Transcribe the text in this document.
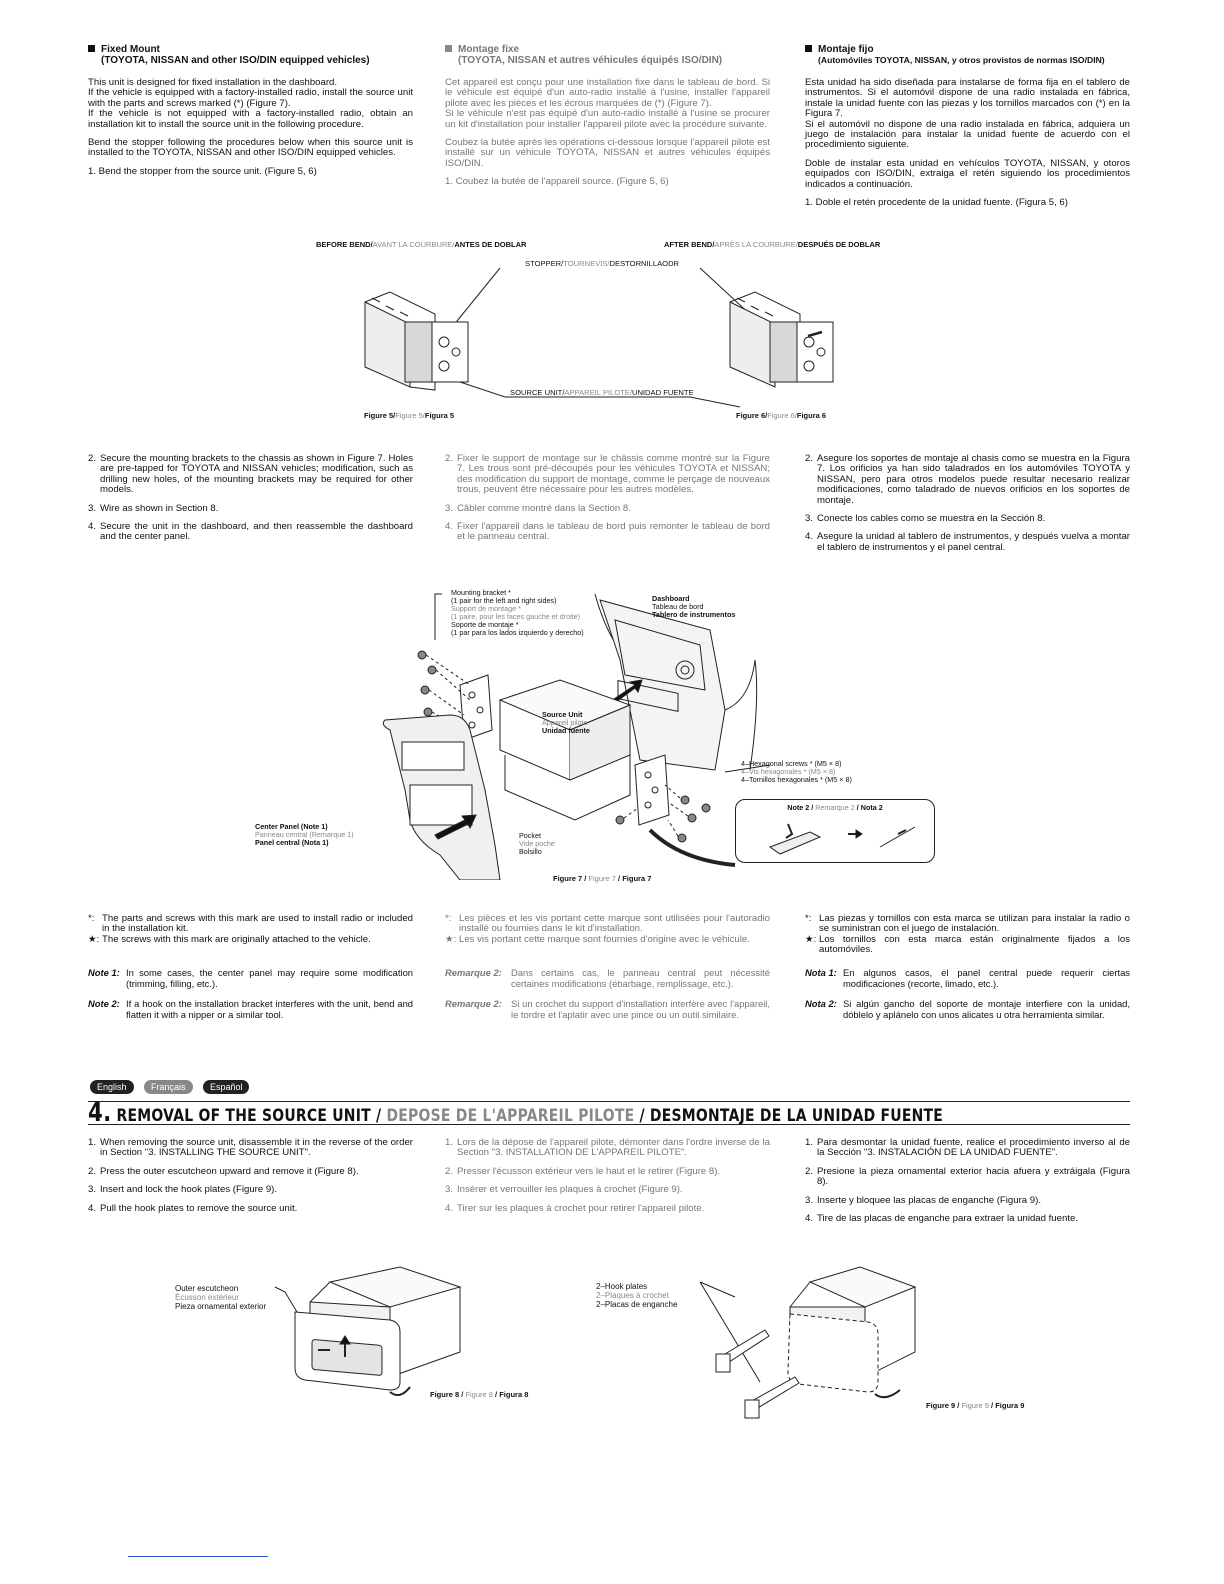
Fixed Mount
(TOYOTA, NISSAN and other ISO/DIN equipped vehicles)

This unit is designed for fixed installation in the dashboard.
If the vehicle is equipped with a factory-installed radio, install the source unit with the parts and screws marked (*) (Figure 7).
If the vehicle is not equipped with a factory-installed radio, obtain an installation kit to install the source unit in the following procedure.

Bend the stopper following the procedures below when this source unit is installed to the TOYOTA, NISSAN and other ISO/DIN equipped vehicles.

1. Bend the stopper from the source unit. (Figure 5, 6)

Montage fixe
(TOYOTA, NISSAN et autres véhicules équipés ISO/DIN)

Cet appareil est conçu pour une installation fixe dans le tableau de bord. Si le véhicule est équipé d'un auto-radio installé à l'usine, installer l'appareil pilote avec les pièces et les écrous marquées de (*) (Figure 7).
Si le véhicule n'est pas équipé d'un auto-radio installé à l'usine se procurer un kit d'installation pour installer l'appareil pilote avec la procédure suivante.

Coubez la butée après les opérations ci-dessous lorsque l'appareil pilote est installé sur un véhicule TOYOTA, NISSAN et autres véhicules équipés ISO/DIN.

1. Coubez la butée de l'appareil source. (Figure 5, 6)

Montaje fijo
(Automóviles TOYOTA, NISSAN, y otros provistos de normas ISO/DIN)

Esta unidad ha sido diseñada para instalarse de forma fija en el tablero de instrumentos. Si el automóvil dispone de una radio instalada en fábrica, instale la unidad fuente con las piezas y los tornillos marcados con (*) en la Figura 7.
Si el automóvil no dispone de una radio instalada en fábrica, adquiera un juego de instalación para instalar la unidad fuente de acuerdo con el procedimiento siguiente.

Doble de instalar esta unidad en vehículos TOYOTA, NISSAN, y otoros equipados con ISO/DIN, extraiga el retén siguiendo los procedimientos indicados a continuación.

1. Doble el retén procedente de la unidad fuente. (Figura 5, 6)

BEFORE BEND/AVANT LA COURBURE/ANTES DE DOBLAR	AFTER BEND/APRÈS LA COURBURE/DESPUÉS DE DOBLAR
STOPPER/TOURNEVIS/DESTORNILLAODR
SOURCE UNIT/APPAREIL PILOTE/UNIDAD FUENTE
Figure 5/Figure 5/Figura 5	Figure 6/Figure 6/Figura 6
2. Secure the mounting brackets to the chassis as shown in Figure 7. Holes are pre-tapped for TOYOTA and NISSAN vehicles; modification, such as drilling new holes, of the mounting brackets may be required for other models.
3. Wire as shown in Section 8.
4. Secure the unit in the dashboard, and then reassemble the dashboard and the center panel.
2. Fixer le support de montage sur le châssis comme montré sur la Figure 7. Les trous sont pré-découpés pour les véhicules TOYOTA et NISSAN; des modification du support de montage, comme le perçage de nouveaux trous, peuvent être nécessaire pour les autres modèles.
3. Câbler comme montré dans la Section 8.
4. Fixer l'appareil dans le tableau de bord puis remonter le tableau de bord et le panneau central.
2. Asegure los soportes de montaje al chasis como se muestra en la Figura 7. Los orificios ya han sido taladrados en los automóviles TOYOTA y NISSAN, pero para otros modelos puede resultar necesario realizar modificaciones, como taladrado de nuevos orificios en los soportes de montaje.
3. Conecte los cables como se muestra en la Sección 8.
4. Asegure la unidad al tablero de instrumentos, y después vuelva a montar el tablero de instrumentos y el panel central.
Mounting bracket *
(1 pair for the left and right sides)
Support de montage *
(1 paire, pour les faces gauche et droite)
Soporte de montaje *
(1 par para los lados izquierdo y derecho)
Dashboard
Tableau de bord
Tablero de instrumentos
Source Unit
Appareil pilote
Unidad fuente
4–Hexagonal screws * (M5 × 8)
4–Vis hexagonales * (M5 × 8)
4–Tornillos hexagonales * (M5 × 8)
Note 2 / Remarque 2 / Nota 2
Center Panel (Note 1)
Panneau central (Remarque 1)
Panel central (Nota 1)
Pocket
Vide poche
Bolsillo
Figure 7 / Figure 7 / Figura 7
*: The parts and screws with this mark are used to install radio or included in the installation kit.
★: The screws with this mark are originally attached to the vehicle.
*: Les pièces et les vis portant cette marque sont utilisées pour l'autoradio installé ou fournies dans le kit d'installation.
★: Les vis portant cette marque sont fournies d'origine avec le véhicule.
*: Las piezas y tornillos con esta marca se utilizan para instalar la radio o se suministran con el juego de instalación.
★: Los tornillos con esta marca están originalmente fijados a los automóviles.
Note 1: In some cases, the center panel may require some modification (trimming, filling, etc.).
Note 2: If a hook on the installation bracket interferes with the unit, bend and flatten it with a nipper or a similar tool.
Remarque 2: Dans certains cas, le panneau central peut nécessité certaines modifications (ébarbage, remplissage, etc.).
Remarque 2: Si un crochet du support d'installation interfère avec l'appareil, le tordre et l'aplatir avec une pince ou un outil similaire.
Nota 1: En algunos casos, el panel central puede requerir ciertas modificaciones (recorte, limado, etc.).
Nota 2: Si algún gancho del soporte de montaje interfiere con la unidad, dóblelo y aplánelo con unos alicates u otra herramienta similar.
English	Français	Español
4. REMOVAL OF THE SOURCE UNIT / DEPOSE DE L'APPAREIL PILOTE / DESMONTAJE DE LA UNIDAD FUENTE
1. When removing the source unit, disassemble it in the reverse of the order in Section "3. INSTALLING THE SOURCE UNIT".
2. Press the outer escutcheon upward and remove it (Figure 8).
3. Insert and lock the hook plates (Figure 9).
4. Pull the hook plates to remove the source unit.
1. Lors de la dépose de l'appareil pilote, démonter dans l'ordre inverse de la Section "3. INSTALLATION DE L'APPAREIL PILOTE".
2. Presser l'écusson extérieur vers le haut et le retirer (Figure 8).
3. Insérer et verrouiller les plaques à crochet (Figure 9).
4. Tirer sur les plaques à crochet pour retirer l'appareil pilote.
1. Para desmontar la unidad fuente, realice el procedimiento inverso al de la Sección "3. INSTALACIÓN DE LA UNIDAD FUENTE".
2. Presione la pieza ornamental exterior hacia afuera y extráigala (Figura 8).
3. Inserte y bloquee las placas de enganche (Figura 9).
4. Tire de las placas de enganche para extraer la unidad fuente.
Outer escutcheon
Écusson extérieur
Pieza ornamental exterior
Figure 8 / Figure 8 / Figura 8
2–Hook plates
2–Plaques à crochet
2–Placas de enganche
Figure 9 / Figure 9 / Figura 9
